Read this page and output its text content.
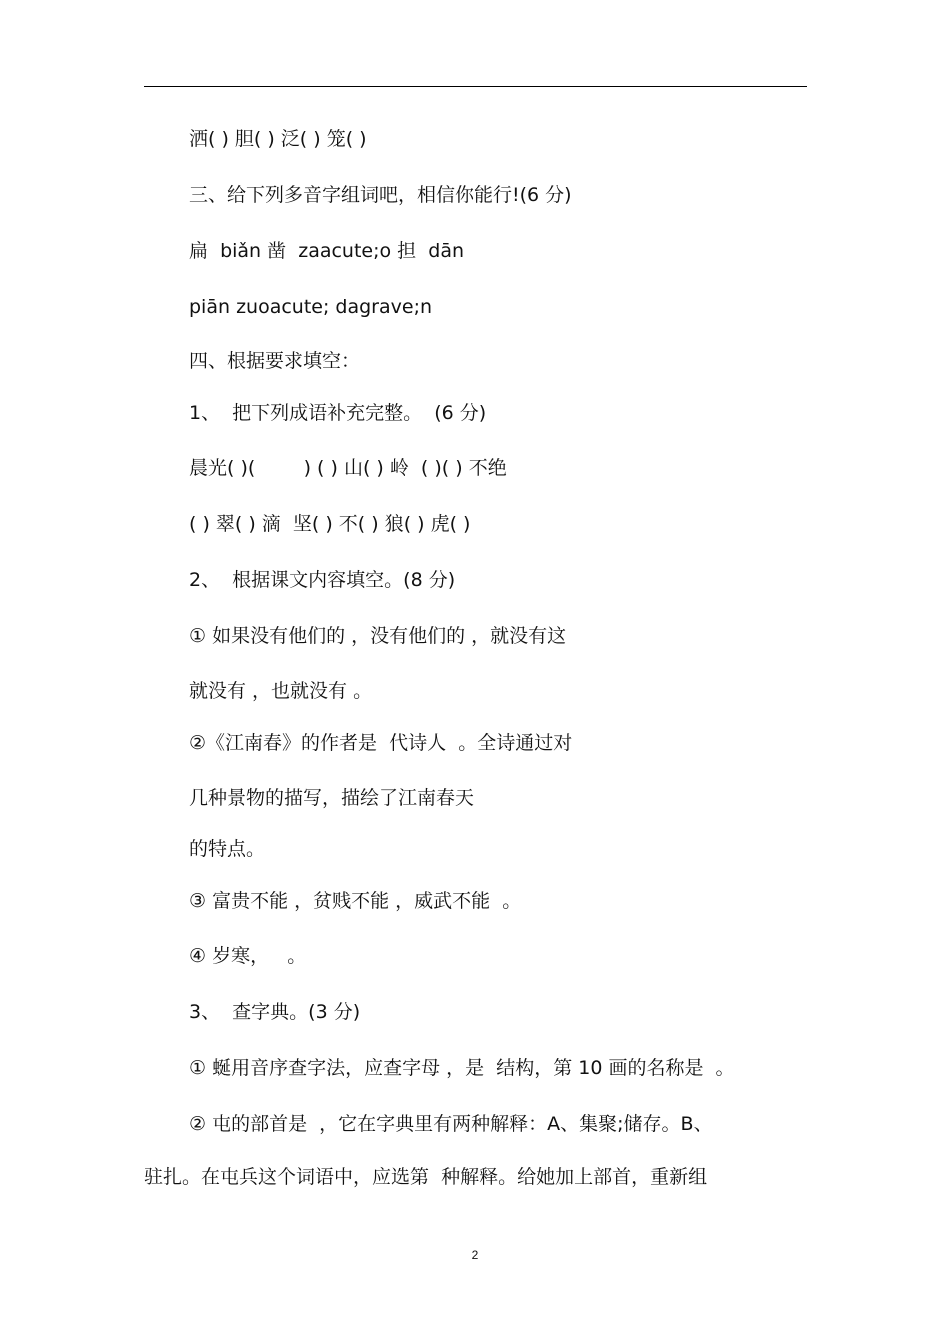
洒( ) 胆( ) 泛( ) 笼( )
三、给下列多音字组词吧，相信你能行!(6 分)
扁  biǎn 凿  zaacute;o 担  dān
piān zuoacute; dagrave;n
四、根据要求填空：
1、  把下列成语补充完整。  (6 分)
晨光( )(        ) ( ) 山( ) 岭  ( )( ) 不绝
( ) 翠( ) 滴  坚( ) 不( ) 狼( ) 虎( )
2、  根据课文内容填空。(8 分)
① 如果没有他们的 ，没有他们的 ，就没有这
就没有 ，也就没有 。
②《江南春》的作者是  代诗人  。全诗通过对
几种景物的描写，描绘了江南春天
的特点。
③ 富贵不能 ，贫贱不能 ，威武不能  。
④ 岁寒，   。
3、  查字典。(3 分)
① 蜒用音序查字法，应查字母 ，是  结构，第 10 画的名称是  。
② 屯的部首是  ，它在字典里有两种解释：A、集聚;储存。B、
驻扎。在屯兵这个词语中，应选第  种解释。给她加上部首，重新组
2
